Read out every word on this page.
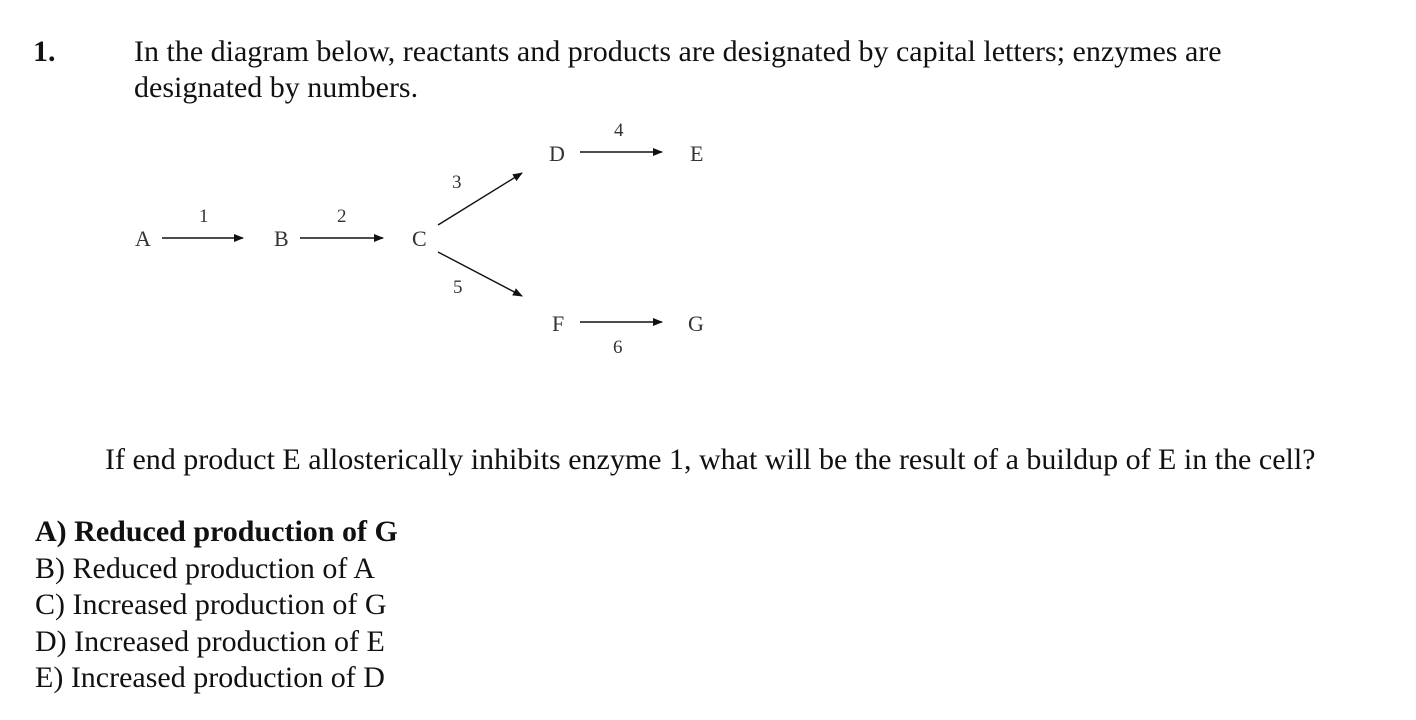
1.	In the diagram below, reactants and products are designated by capital letters; enzymes are designated by numbers.
A	B	C
D	E
F	G
1	2
3
4
5
6
If end product E allosterically inhibits enzyme 1, what will be the result of a buildup of E in the cell?
A) Reduced production of G
B) Reduced production of A
C) Increased production of G
D) Increased production of E
E) Increased production of D
